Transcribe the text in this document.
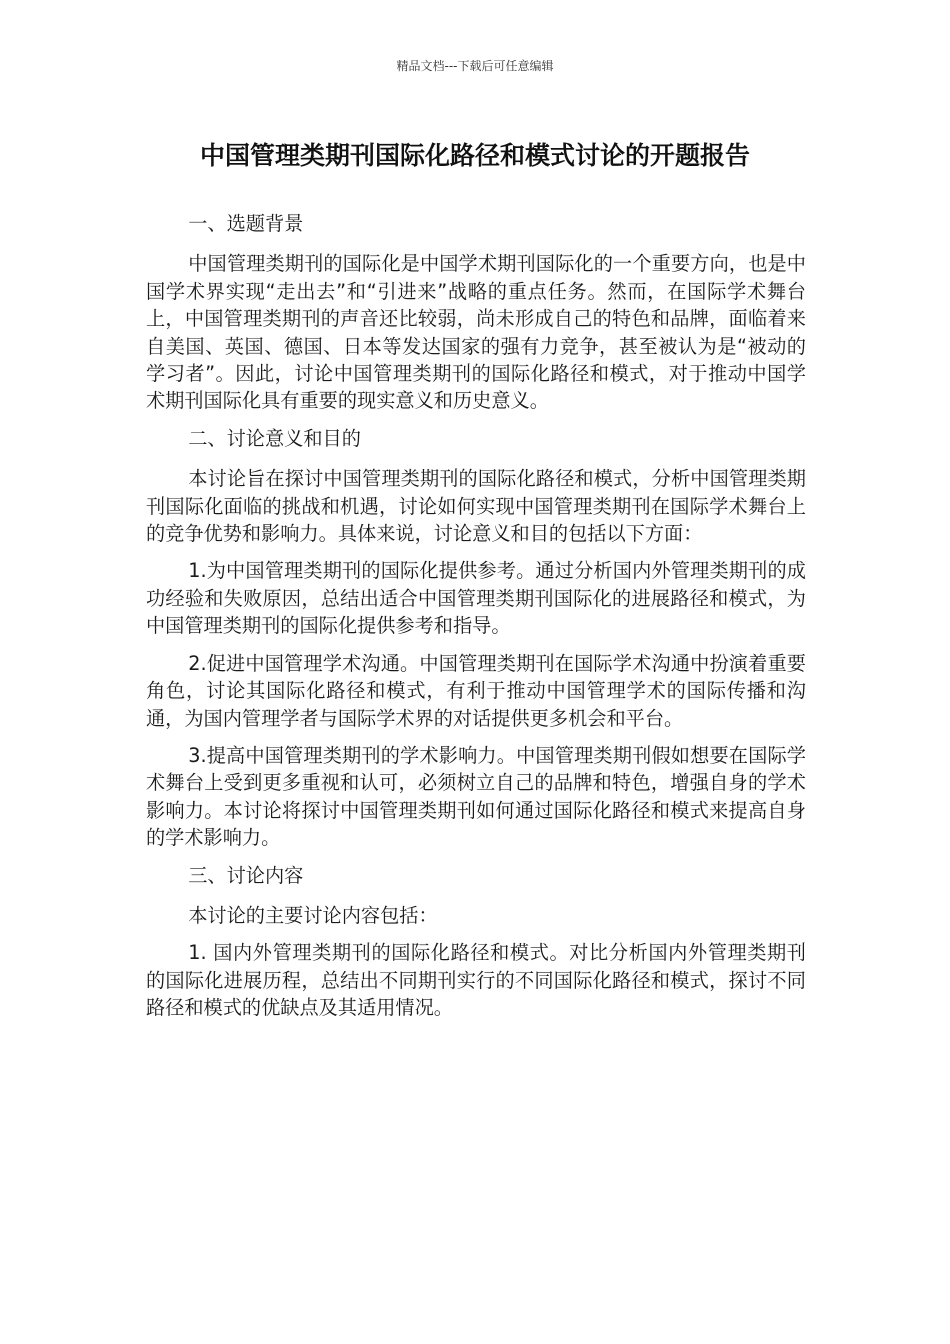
精品文档---下载后可任意编辑
中国管理类期刊国际化路径和模式讨论的开题报告

一、选题背景

中国管理类期刊的国际化是中国学术期刊国际化的一个重要方向，也是中国学术界实现“走出去”和“引进来”战略的重点任务。然而，在国际学术舞台上，中国管理类期刊的声音还比较弱，尚未形成自己的特色和品牌，面临着来自美国、英国、德国、日本等发达国家的强有力竞争，甚至被认为是“被动的学习者”。因此，讨论中国管理类期刊的国际化路径和模式，对于推动中国学术期刊国际化具有重要的现实意义和历史意义。

二、讨论意义和目的

本讨论旨在探讨中国管理类期刊的国际化路径和模式，分析中国管理类期刊国际化面临的挑战和机遇，讨论如何实现中国管理类期刊在国际学术舞台上的竞争优势和影响力。具体来说，讨论意义和目的包括以下方面：

1.为中国管理类期刊的国际化提供参考。通过分析国内外管理类期刊的成功经验和失败原因，总结出适合中国管理类期刊国际化的进展路径和模式，为中国管理类期刊的国际化提供参考和指导。

2.促进中国管理学术沟通。中国管理类期刊在国际学术沟通中扮演着重要角色，讨论其国际化路径和模式，有利于推动中国管理学术的国际传播和沟通，为国内管理学者与国际学术界的对话提供更多机会和平台。

3.提高中国管理类期刊的学术影响力。中国管理类期刊假如想要在国际学术舞台上受到更多重视和认可，必须树立自己的品牌和特色，增强自身的学术影响力。本讨论将探讨中国管理类期刊如何通过国际化路径和模式来提高自身的学术影响力。

三、讨论内容

本讨论的主要讨论内容包括：

1. 国内外管理类期刊的国际化路径和模式。对比分析国内外管理类期刊的国际化进展历程，总结出不同期刊实行的不同国际化路径和模式，探讨不同路径和模式的优缺点及其适用情况。
